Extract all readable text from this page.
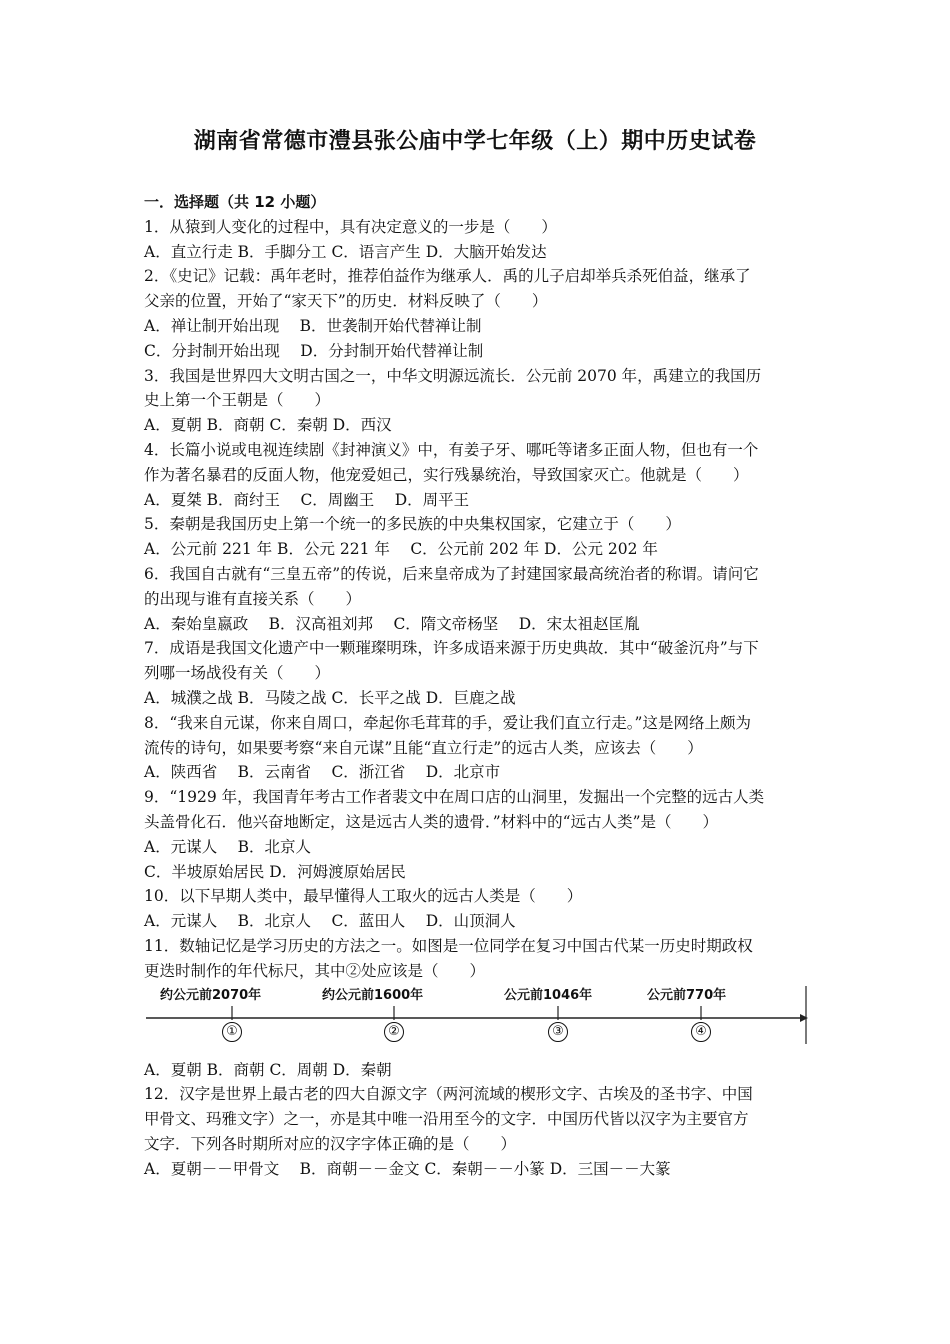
湖南省常德市澧县张公庙中学七年级（上）期中历史试卷
一．选择题（共 12 小题）
1．从猿到人变化的过程中，具有决定意义的一步是（　　）
A．直立行走 B．手脚分工 C．语言产生 D．大脑开始发达
2．《史记》记载：禹年老时，推荐伯益作为继承人．禹的儿子启却举兵杀死伯益，继承了
父亲的位置，开始了“家天下”的历史．材料反映了（　　）
A．禅让制开始出现　 B．世袭制开始代替禅让制
C．分封制开始出现　 D．分封制开始代替禅让制
3．我国是世界四大文明古国之一，中华文明源远流长．公元前 2070 年，禹建立的我国历
史上第一个王朝是（　　）
A．夏朝 B．商朝 C．秦朝 D．西汉
4．长篇小说或电视连续剧《封神演义》中，有姜子牙、哪吒等诸多正面人物，但也有一个
作为著名暴君的反面人物，他宠爱妲己，实行残暴统治，导致国家灭亡。他就是（　　）
A．夏桀 B．商纣王　 C．周幽王　 D．周平王
5．秦朝是我国历史上第一个统一的多民族的中央集权国家，它建立于（　　）
A．公元前 221 年 B．公元 221 年　 C．公元前 202 年 D．公元 202 年
6．我国自古就有“三皇五帝”的传说，后来皇帝成为了封建国家最高统治者的称谓。请问它
的出现与谁有直接关系（　　）
A．秦始皇嬴政　 B．汉高祖刘邦　 C．隋文帝杨坚　 D．宋太祖赵匡胤
7．成语是我国文化遗产中一颗璀璨明珠，许多成语来源于历史典故．其中“破釜沉舟”与下
列哪一场战役有关（　　）
A．城濮之战 B．马陵之战 C．长平之战 D．巨鹿之战
8．“我来自元谋，你来自周口，牵起你毛茸茸的手，爱让我们直立行走。”这是网络上颇为
流传的诗句，如果要考察“来自元谋”且能“直立行走”的远古人类，应该去（　　）
A．陕西省　 B．云南省　 C．浙江省　 D．北京市
9．“1929 年，我国青年考古工作者裴文中在周口店的山洞里，发掘出一个完整的远古人类
头盖骨化石．他兴奋地断定，这是远古人类的遗骨．”材料中的“远古人类”是（　　）
A．元谋人　 B．北京人
C．半坡原始居民 D．河姆渡原始居民
10．以下早期人类中，最早懂得人工取火的远古人类是（　　）
A．元谋人　 B．北京人　 C．蓝田人　 D．山顶洞人
11．数轴记忆是学习历史的方法之一。如图是一位同学在复习中国古代某一历史时期政权
更迭时制作的年代标尺，其中②处应该是（　　）
约公元前2070年	约公元前1600年	公元前1046年	公元前770年
①	②	③	④
A．夏朝 B．商朝 C．周朝 D．秦朝
12．汉字是世界上最古老的四大自源文字（两河流域的楔形文字、古埃及的圣书字、中国
甲骨文、玛雅文字）之一，亦是其中唯一沿用至今的文字．中国历代皆以汉字为主要官方
文字．下列各时期所对应的汉字字体正确的是（　　）
A．夏朝－－甲骨文　 B．商朝－－金文 C．秦朝－－小篆 D．三国－－大篆
